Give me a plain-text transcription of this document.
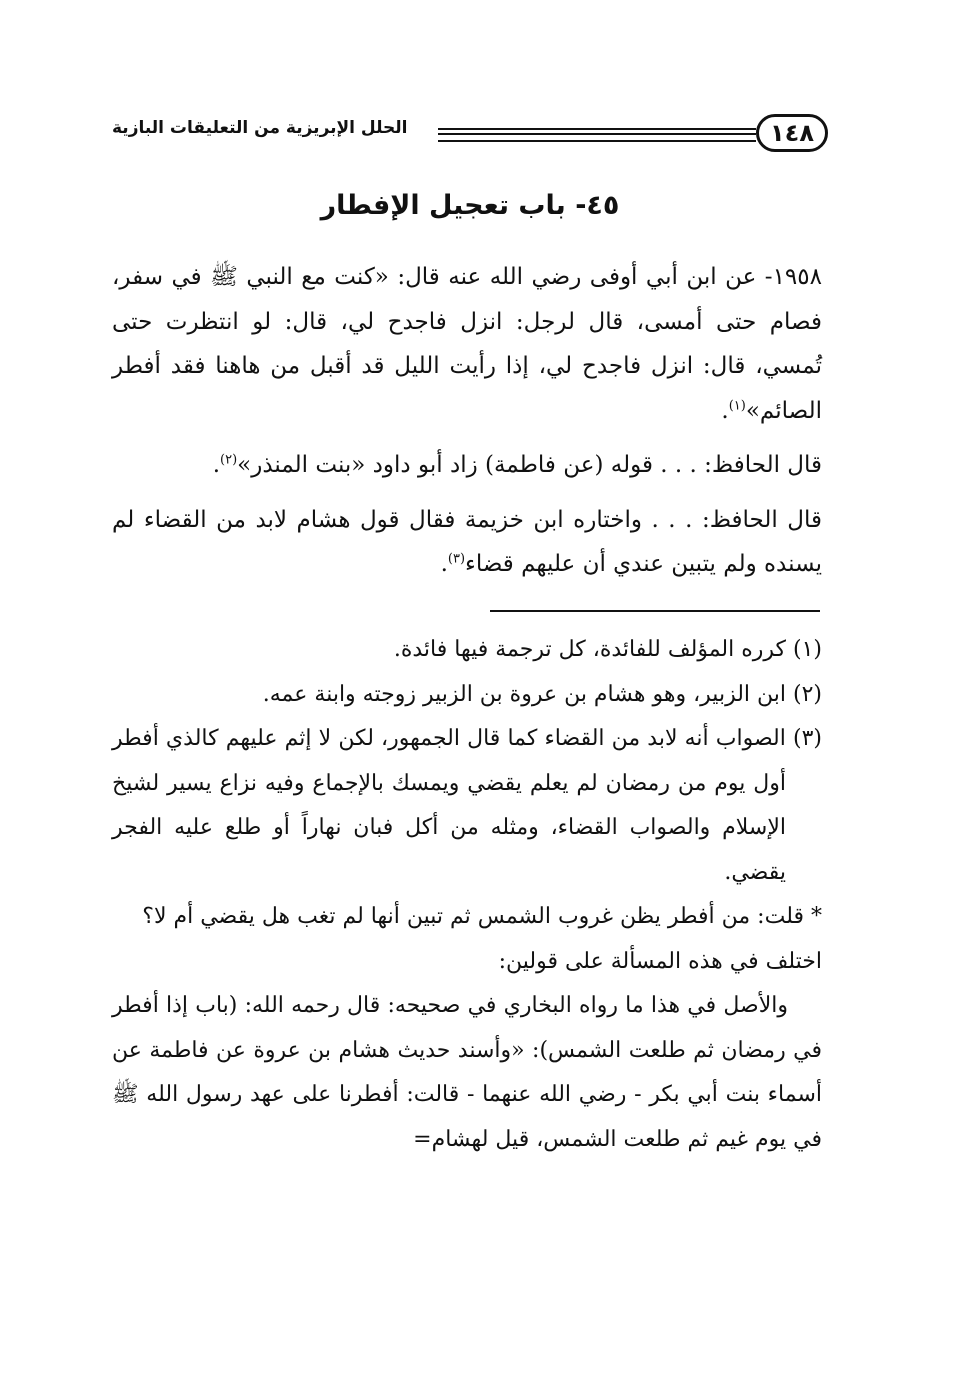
١٤٨
الحلل الإبريزية من التعليقات البازية
٤٥- باب تعجيل الإفطار

١٩٥٨- عن ابن أبي أوفى رضي الله عنه قال: «كنت مع النبي ﷺ في سفر، فصام حتى أمسى، قال لرجل: انزل فاجدح لي، قال: لو انتظرت حتى تُمسي، قال: انزل فاجدح لي، إذا رأيت الليل قد أقبل من هاهنا فقد أفطر الصائم»$^{(١)}$.

قال الحافظ: . . . قوله (عن فاطمة) زاد أبو داود «بنت المنذر»$^{(٢)}$.

قال الحافظ: . . . واختاره ابن خزيمة فقال قول هشام لابد من القضاء لم يسنده ولم يتبين عندي أن عليهم قضاء$^{(٣)}$.

(١) كرره المؤلف للفائدة، كل ترجمة فيها فائدة.

(٢) ابن الزبير، وهو هشام بن عروة بن الزبير زوجته وابنة عمه.

(٣) الصواب أنه لابد من القضاء كما قال الجمهور، لكن لا إثم عليهم كالذي أفطر أول يوم من رمضان لم يعلم يقضي ويمسك بالإجماع وفيه نزاع يسير لشيخ الإسلام والصواب القضاء، ومثله من أكل فبان نهاراً أو طلع عليه الفجر يقضي.

* قلت: من أفطر يظن غروب الشمس ثم تبين أنها لم تغب هل يقضي أم لا؟

اختلف في هذه المسألة على قولين:

والأصل في هذا ما رواه البخاري في صحيحه: قال رحمه الله: (باب إذا أفطر في رمضان ثم طلعت الشمس): «وأسند حديث هشام بن عروة عن فاطمة عن أسماء بنت أبي بكر - رضي الله عنهما - قالت: أفطرنا على عهد رسول الله ﷺ في يوم غيم ثم طلعت الشمس، قيل لهشام=
